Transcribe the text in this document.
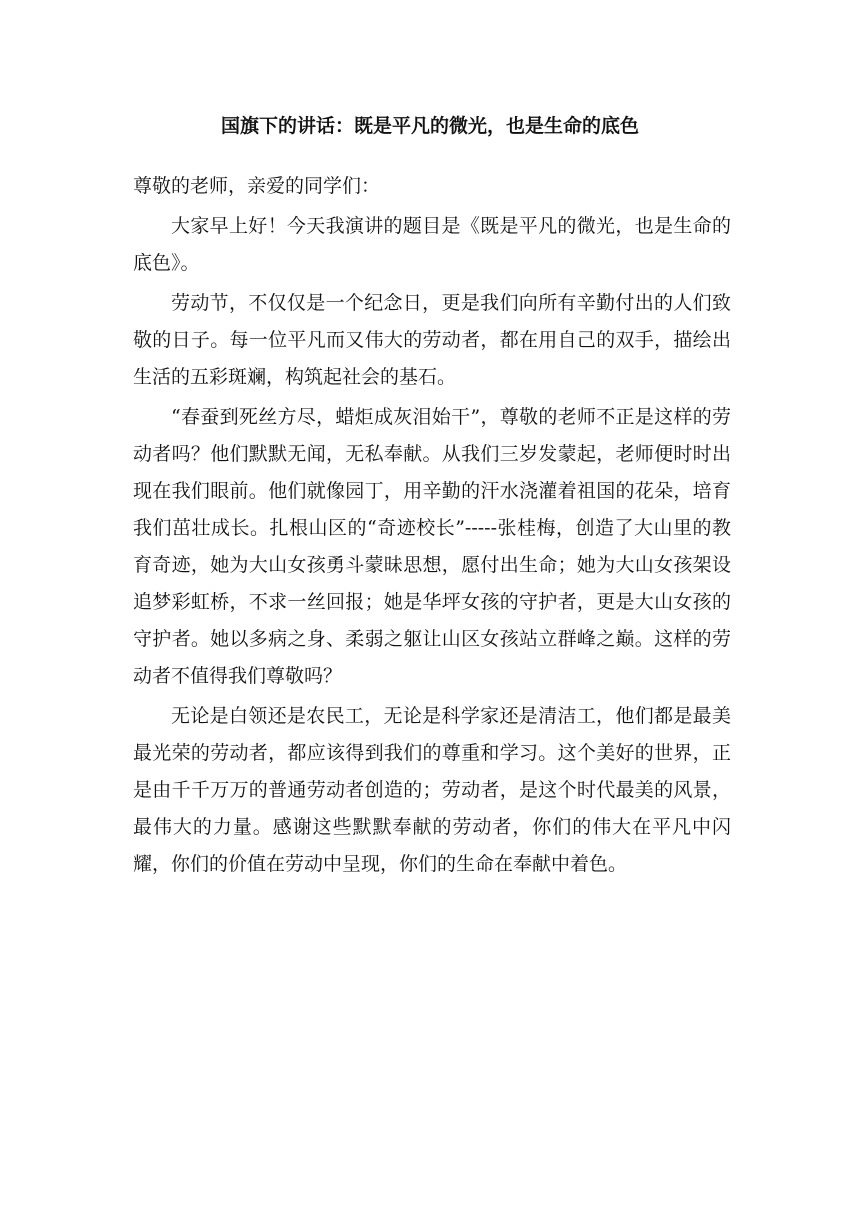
国旗下的讲话：既是平凡的微光，也是生命的底色

尊敬的老师，亲爱的同学们：

大家早上好！今天我演讲的题目是《既是平凡的微光，也是生命的底色》。

劳动节，不仅仅是一个纪念日，更是我们向所有辛勤付出的人们致敬的日子。每一位平凡而又伟大的劳动者，都在用自己的双手，描绘出生活的五彩斑斓，构筑起社会的基石。

“春蚕到死丝方尽，蜡炬成灰泪始干”，尊敬的老师不正是这样的劳动者吗？他们默默无闻，无私奉献。从我们三岁发蒙起，老师便时时出现在我们眼前。他们就像园丁，用辛勤的汗水浇灌着祖国的花朵，培育我们茁壮成长。扎根山区的“奇迹校长”-----张桂梅，创造了大山里的教育奇迹，她为大山女孩勇斗蒙昧思想，愿付出生命；她为大山女孩架设追梦彩虹桥，不求一丝回报；她是华坪女孩的守护者，更是大山女孩的守护者。她以多病之身、柔弱之躯让山区女孩站立群峰之巅。这样的劳动者不值得我们尊敬吗？

无论是白领还是农民工，无论是科学家还是清洁工，他们都是最美最光荣的劳动者，都应该得到我们的尊重和学习。这个美好的世界，正是由千千万万的普通劳动者创造的；劳动者，是这个时代最美的风景，最伟大的力量。感谢这些默默奉献的劳动者，你们的伟大在平凡中闪耀，你们的价值在劳动中呈现，你们的生命在奉献中着色。
